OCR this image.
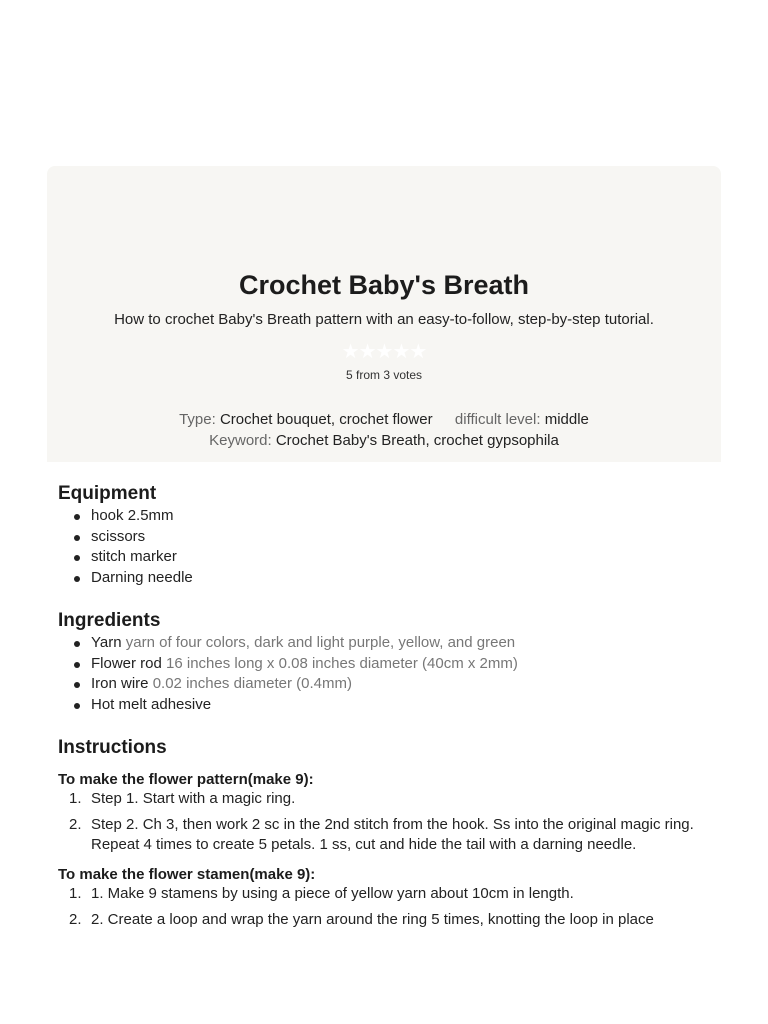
Crochet Baby's Breath
How to crochet Baby's Breath pattern with an easy-to-follow, step-by-step tutorial.
★★★★★
5 from 3 votes
Type: Crochet bouquet, crochet flower difficult level: middle
Keyword: Crochet Baby's Breath, crochet gypsophila
Equipment
hook 2.5mm
scissors
stitch marker
Darning needle
Ingredients
Yarn yarn of four colors, dark and light purple, yellow, and green
Flower rod 16 inches long x 0.08 inches diameter (40cm x 2mm)
Iron wire 0.02 inches diameter (0.4mm)
Hot melt adhesive
Instructions
To make the flower pattern(make 9):
1. Step 1. Start with a magic ring.
2. Step 2. Ch 3, then work 2 sc in the 2nd stitch from the hook. Ss into the original magic ring. Repeat 4 times to create 5 petals. 1 ss, cut and hide the tail with a darning needle.
To make the flower stamen(make 9):
1. 1. Make 9 stamens by using a piece of yellow yarn about 10cm in length.
2. 2. Create a loop and wrap the yarn around the ring 5 times, knotting the loop in place
